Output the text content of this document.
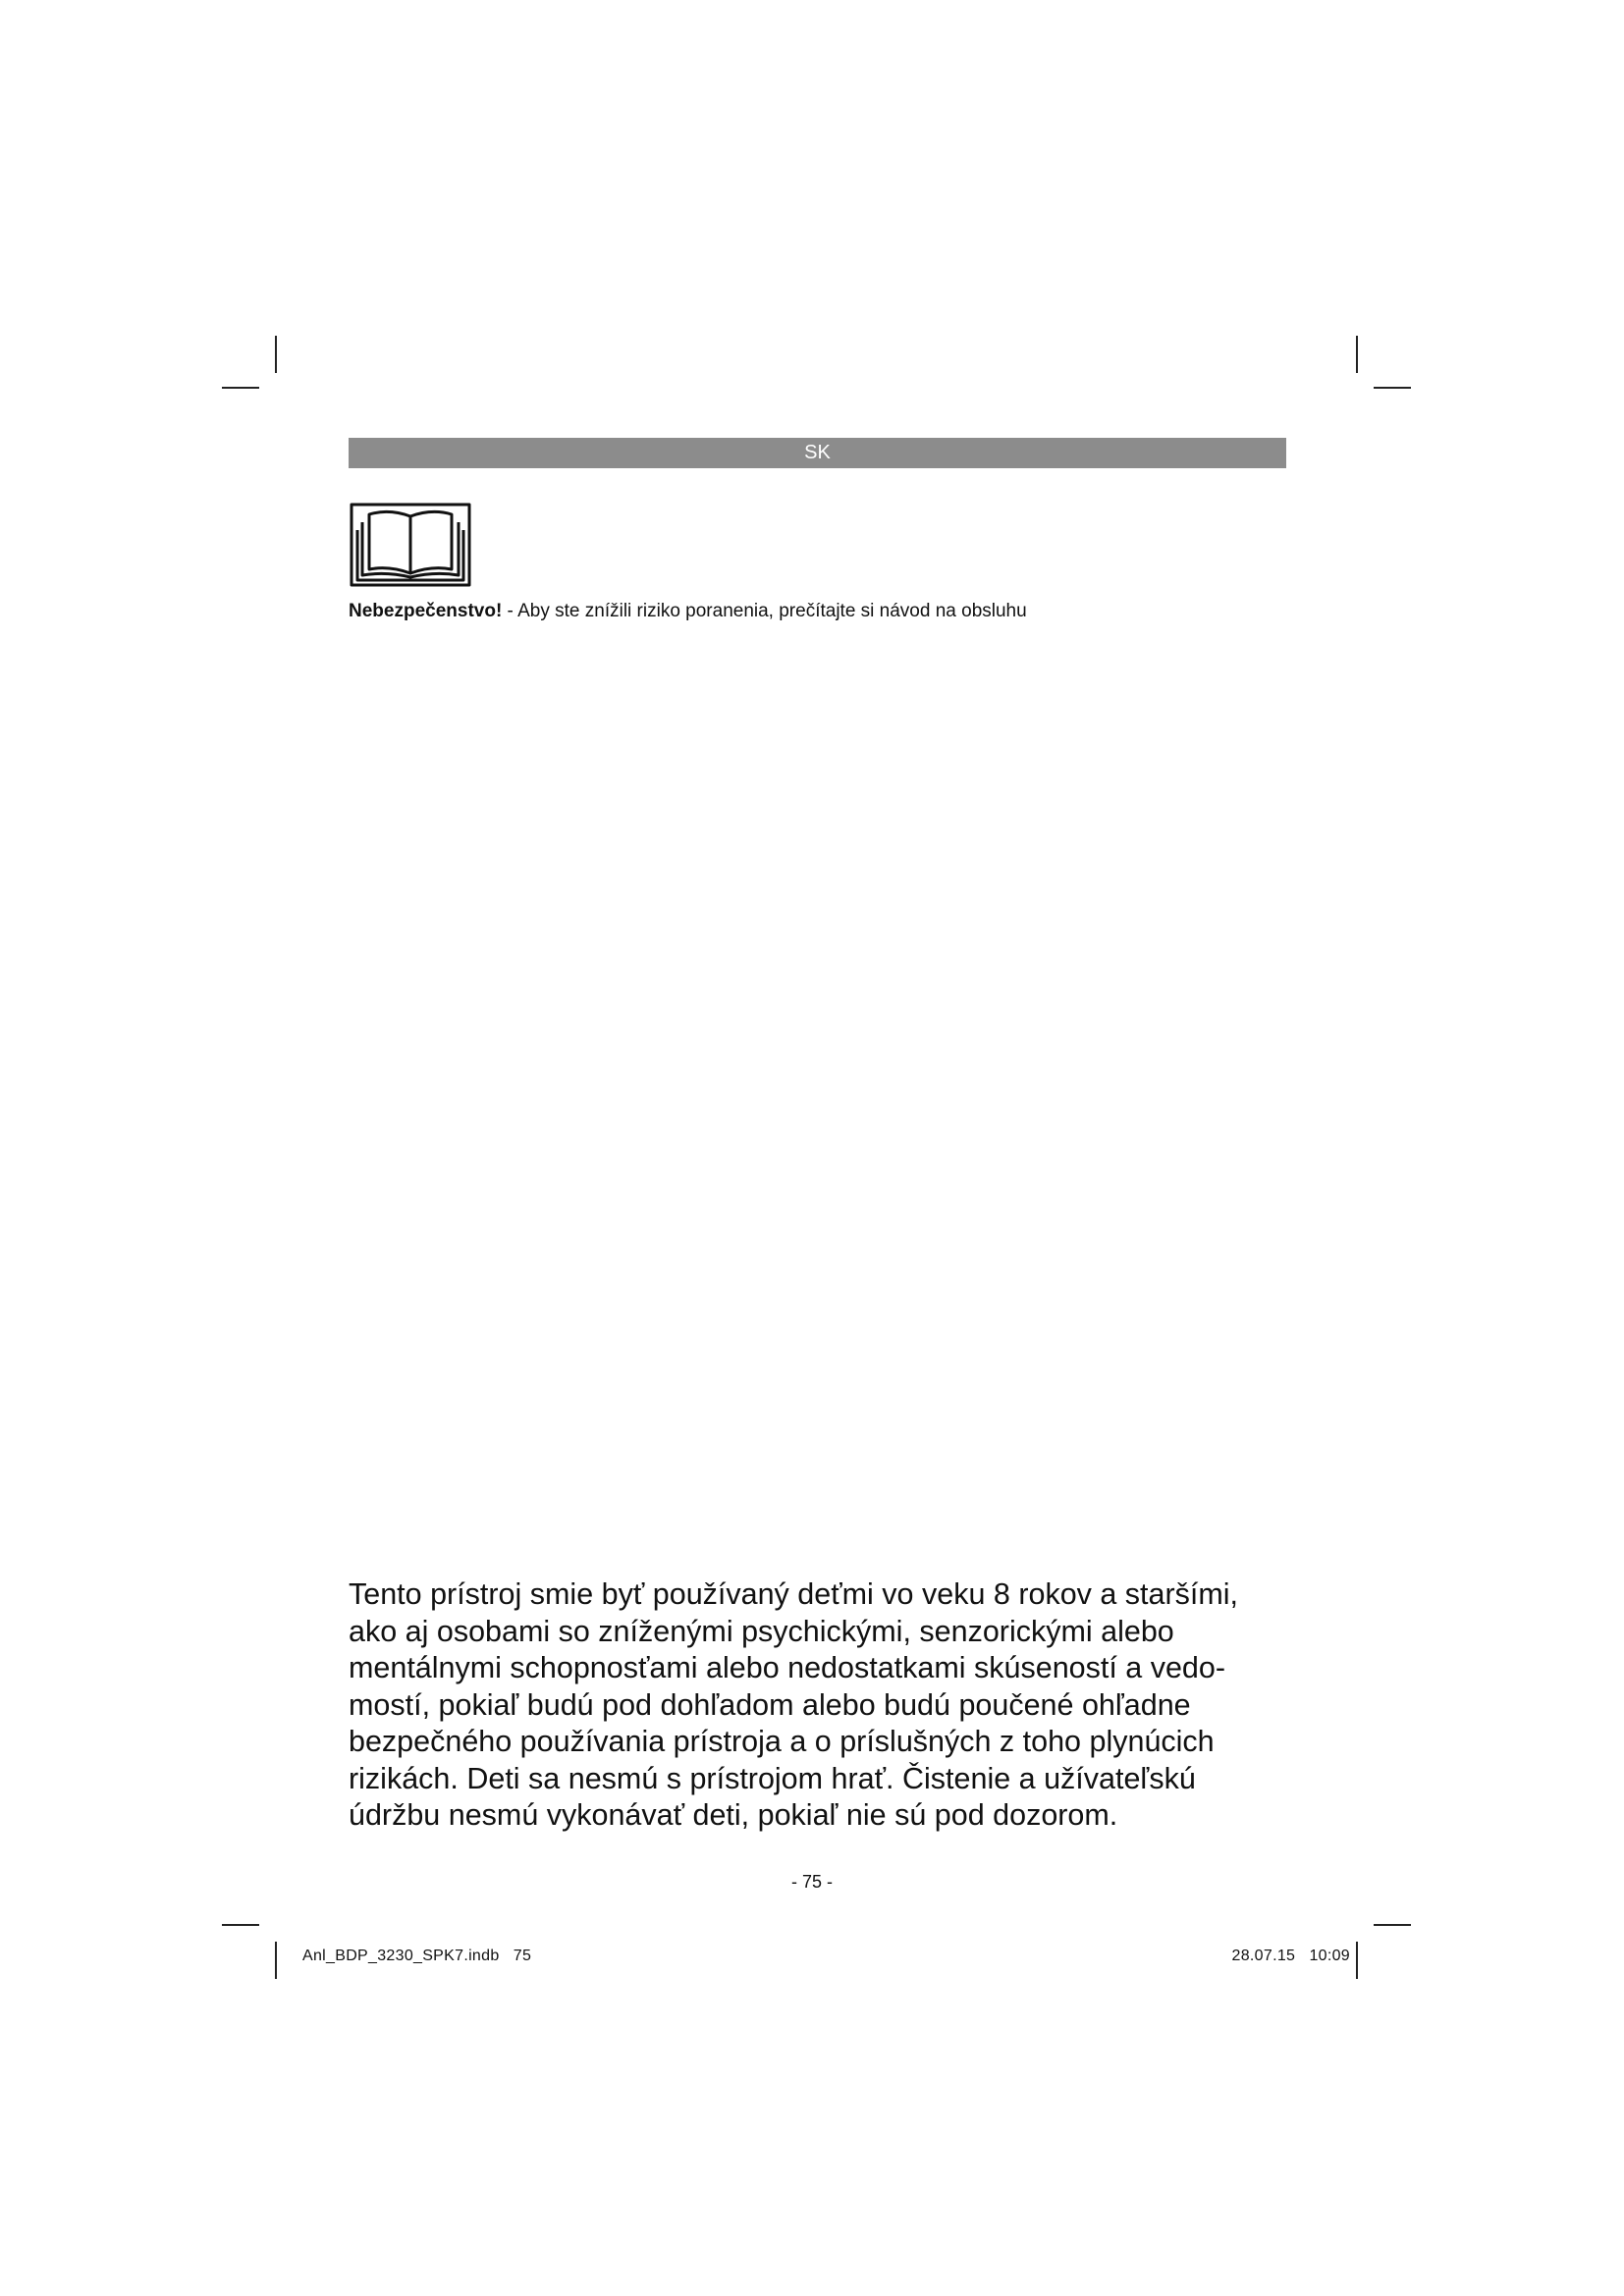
SK
Nebezpečenstvo! - Aby ste znížili riziko poranenia, prečítajte si návod na obsluhu

Tento prístroj smie byť používaný deťmi vo veku 8 rokov a staršími,
ako aj osobami so zníženými psychickými, senzorickými alebo
mentálnymi schopnosťami alebo nedostatkami skúseností a vedo-
mostí, pokiaľ budú pod dohľadom alebo budú poučené ohľadne
bezpečného používania prístroja a o príslušných z toho plynúcich
rizikách. Deti sa nesmú s prístrojom hrať. Čistenie a užívateľskú
údržbu nesmú vykonávať deti, pokiaľ nie sú pod dozorom.

- 75 -
Anl_BDP_3230_SPK7.indb   75	28.07.15   10:09
